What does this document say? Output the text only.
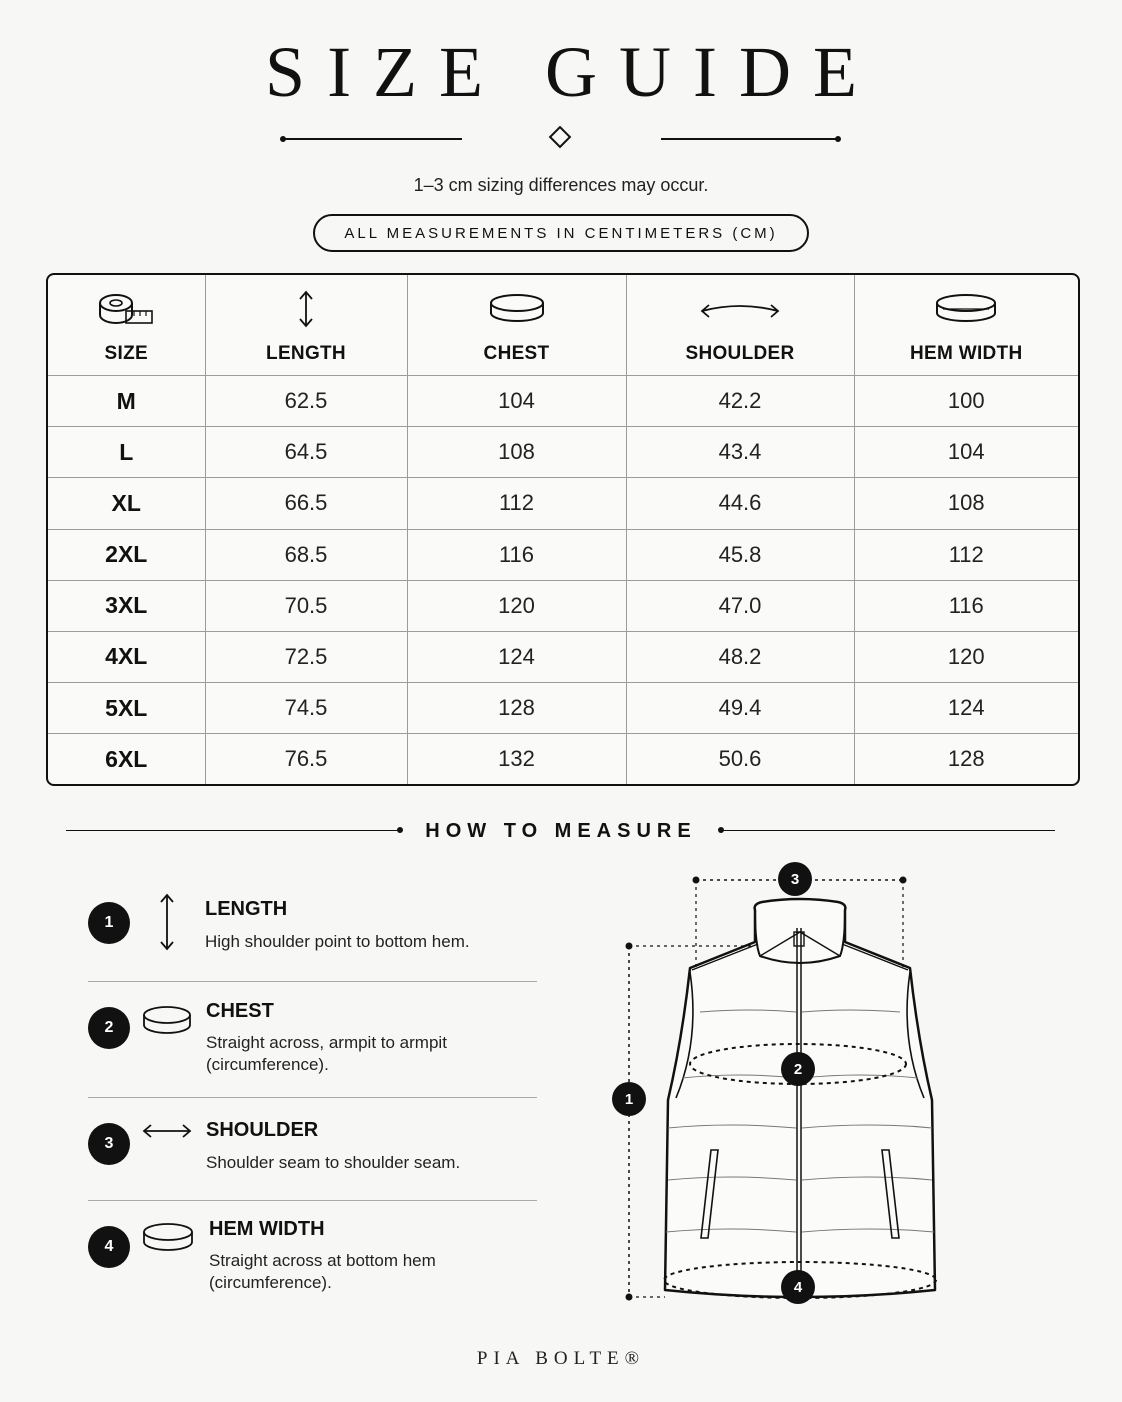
SIZE GUIDE
1–3 cm sizing differences may occur.
ALL MEASUREMENTS IN CENTIMETERS (CM)
SIZE	LENGTH	CHEST	SHOULDER	HEM WIDTH
M	62.5	104	42.2	100
L	64.5	108	43.4	104
XL	66.5	112	44.6	108
2XL	68.5	116	45.8	112
3XL	70.5	120	47.0	116
4XL	72.5	124	48.2	120
5XL	74.5	128	49.4	124
6XL	76.5	132	50.6	128
HOW TO MEASURE
1
LENGTH
High shoulder point to bottom hem.
2
CHEST
Straight across, armpit to armpit (circumference).
3
SHOULDER
Shoulder seam to shoulder seam.
4
HEM WIDTH
Straight across at bottom hem (circumference).
1
2
3
4
PIA BOLTE®
